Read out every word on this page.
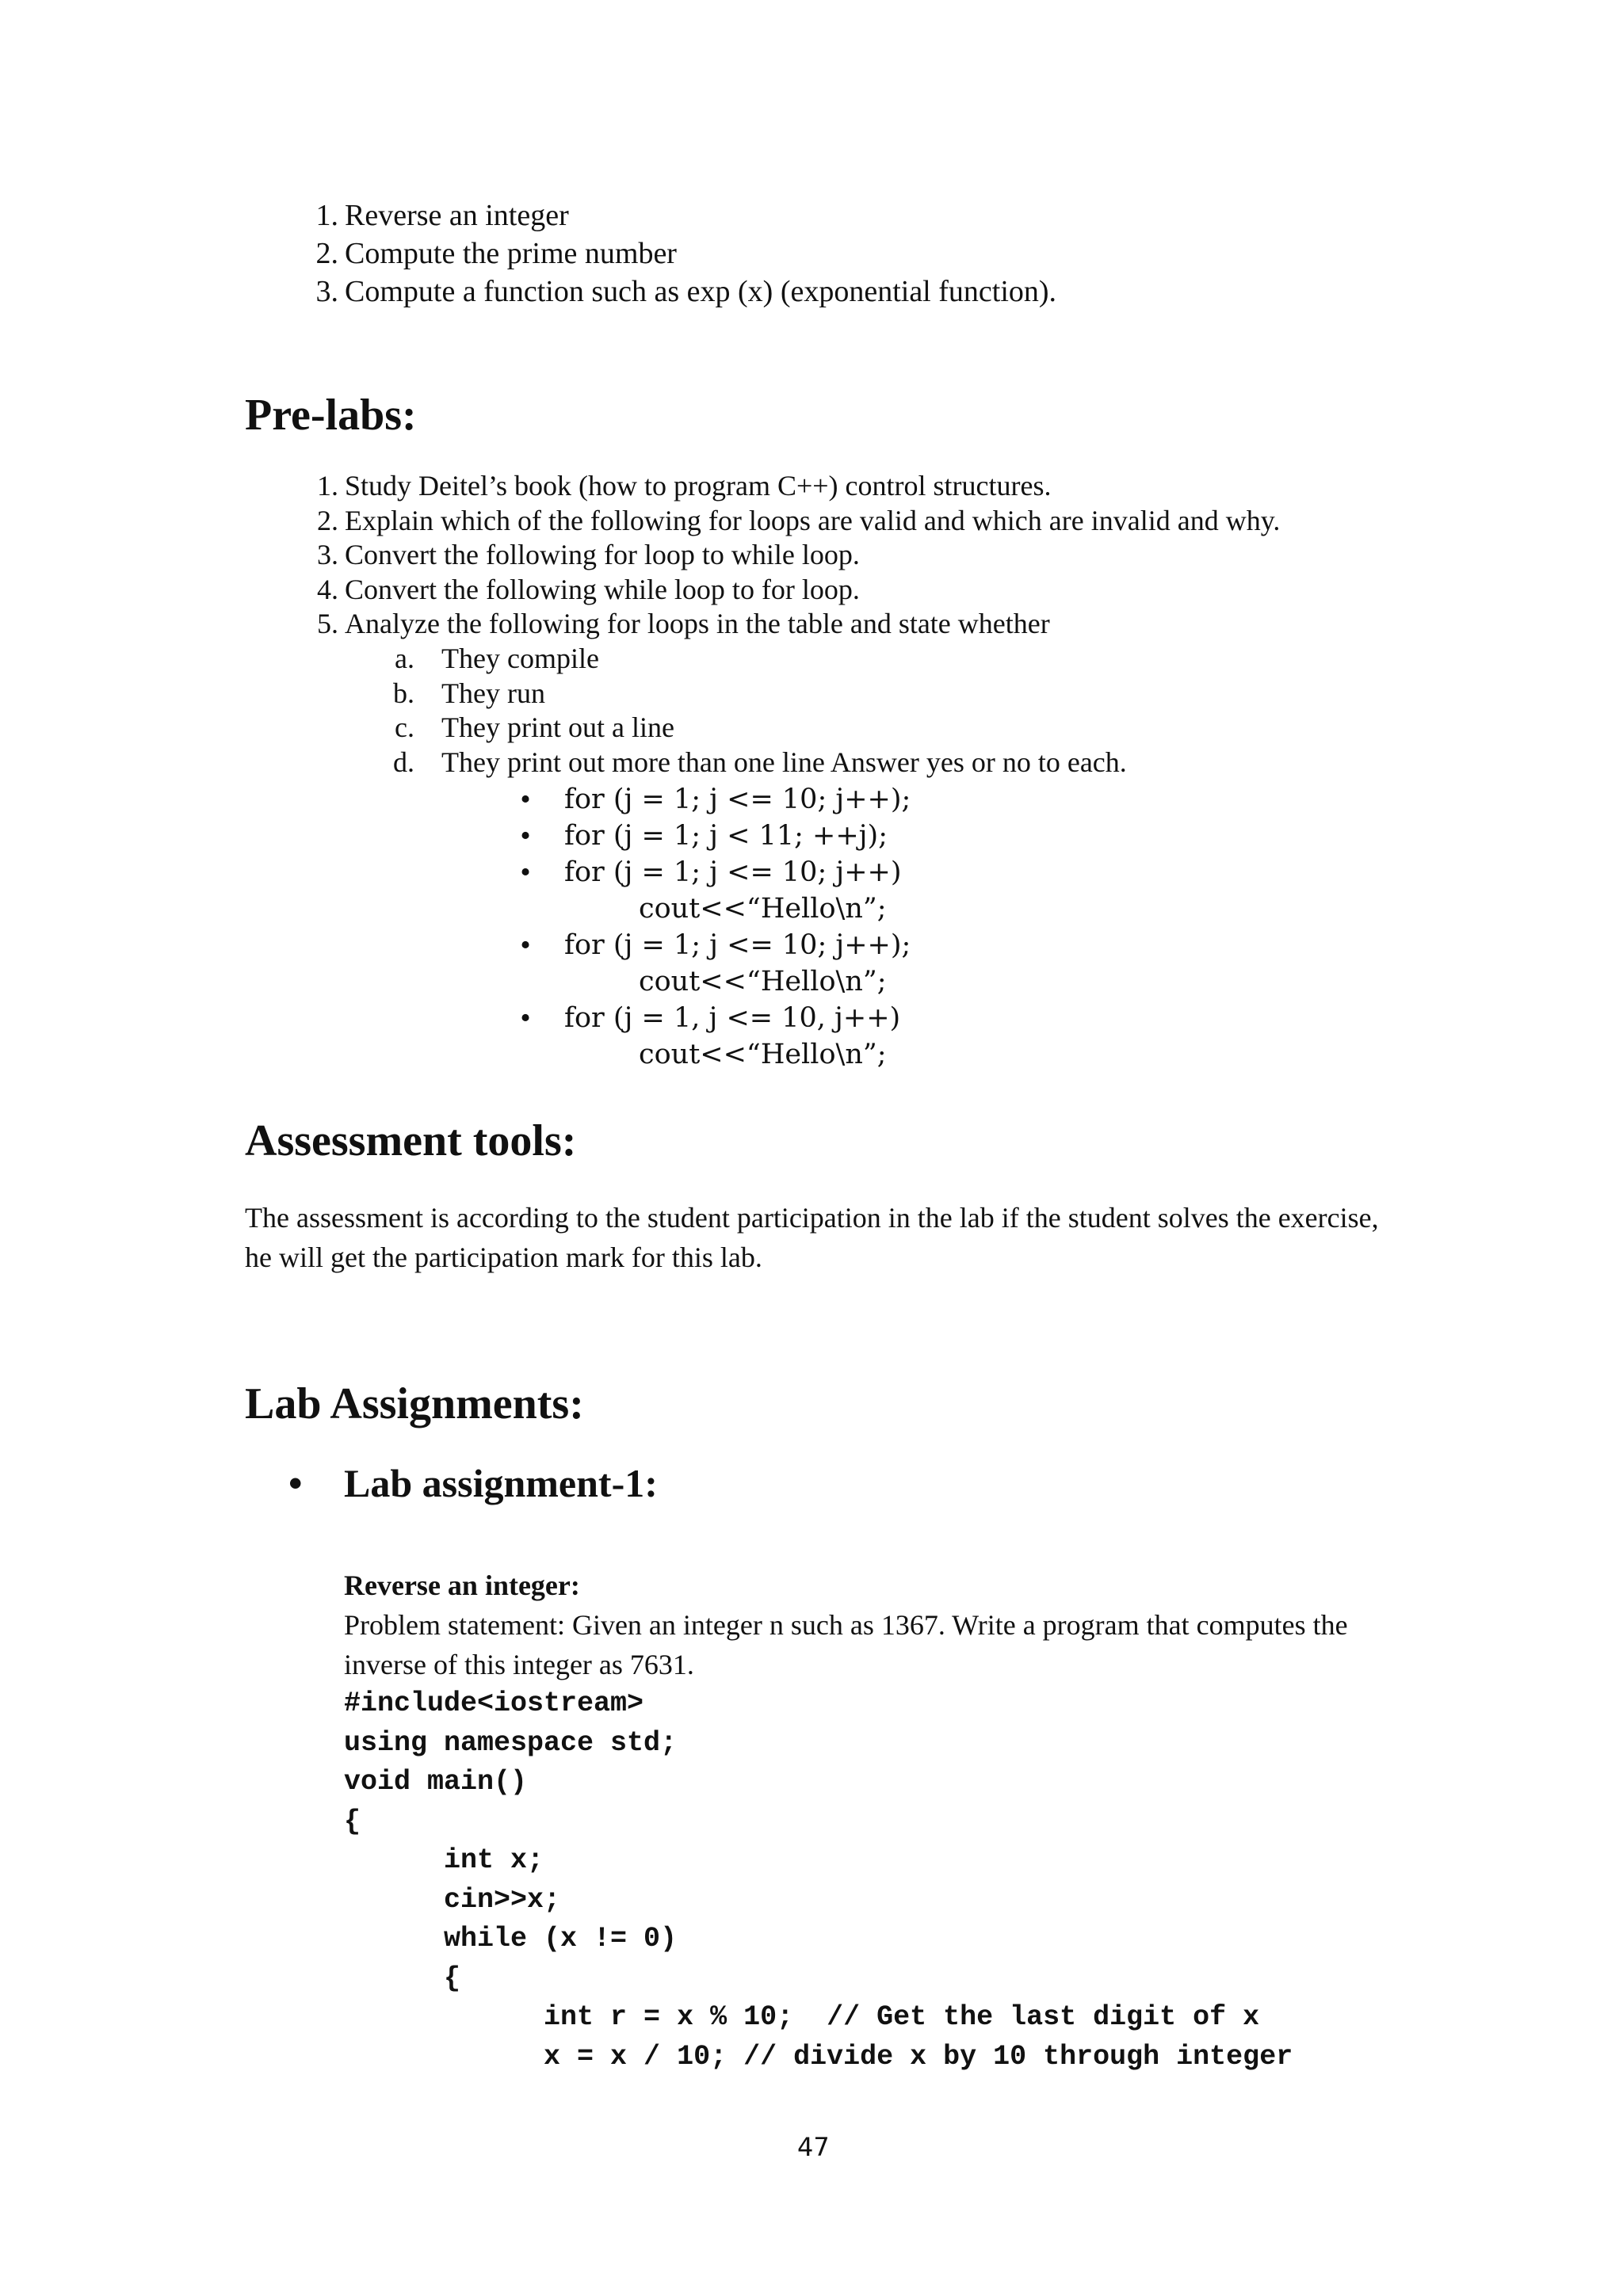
1. Reverse an integer
2. Compute the prime number
3. Compute a function such as exp (x) (exponential function).
Pre-labs:
1. Study Deitel’s book (how to program C++) control structures.
2. Explain which of the following for loops are valid and which are invalid and why.
3. Convert the following for loop to while loop.
4. Convert the following while loop to for loop.
5. Analyze the following for loops in the table and state whether
a. They compile
b. They run
c. They print out a line
d. They print out more than one line Answer yes or no to each.
• for (j = 1; j <= 10; j++);
• for (j = 1; j < 11; ++j);
• for (j = 1; j <= 10; j++)
cout<<“Hello\n”;
• for (j = 1; j <= 10; j++);
cout<<“Hello\n”;
• for (j = 1, j <= 10, j++)
cout<<“Hello\n”;
Assessment tools:

The assessment is according to the student participation in the lab if the student solves the exercise, he will get the participation mark for this lab.

Lab Assignments:
• Lab assignment-1:
Reverse an integer:

Problem statement: Given an integer n such as 1367. Write a program that computes the inverse of this integer as 7631.

#include<iostream>
using namespace std;
void main()
{
int x;
cin>>x;
while (x != 0)
{
int r = x % 10;  // Get the last digit of x
x = x / 10; // divide x by 10 through integer
47
